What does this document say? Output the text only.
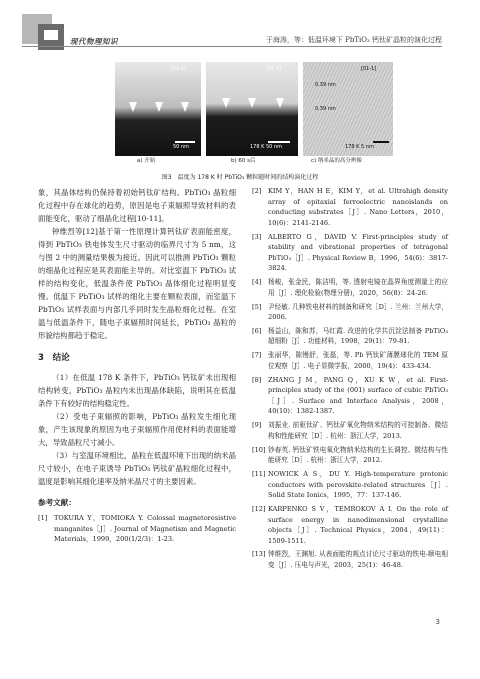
现代物理知识	于海涛，等：低温环境下 PbTiO₃ 钙钛矿晶粒的演化过程
[01-1]
50 nm
[01-1]
178 K 50 nm
[01-1]
0.39 nm
0.39 nm
178 K 5 nm
a) 开始	b) 60 s后	c) 纳米晶的高分辨像
图3　温度为 178 K 时 PbTiO₃ 颗粒随时间的结构演化过程

象，其晶体结构仍保持着初始钙钛矿结构。PbTiO₃ 晶粒细化过程中存在球化的趋势，原因是电子束辐照导致材料的表面能变化，驱动了细晶化过程[10-11]。

钟维烈等[12]基于第一性原理计算钙钛矿表面能密度，得到 PbTiO₃ 铁电体发生尺寸驱动的临界尺寸为 5 nm，这与图 2 中的测量结果极为接近。因此可以推测 PbTiO₃ 颗粒的细晶化过程应是其表面能主导的。对比室温下 PbTiO₃ 试样的结构变化，低温条件使 PbTiO₃ 晶体细化过程明显变慢。低温下 PbTiO₃ 试样的细化主要在颗粒表面，而室温下 PbTiO₃ 试样表面与内部几乎同时发生晶粒细化过程。在室温与低温条件下，随电子束辐照时间延长，PbTiO₃ 晶粒的形貌结构都趋于稳定。

3　结论

（1）在低温 178 K 条件下，PbTiO₃ 钙钛矿未出现相结构转变，PbTiO₃ 晶粒内未出现晶体缺陷，说明其在低温条件下有较好的结构稳定性。

（2）受电子束辐照的影响，PbTiO₃ 晶粒发生细化现象，产生该现象的原因为电子束辐照作用使材料的表面能增大，导致晶粒尺寸减小。

（3）与室温环境相比，晶粒在低温环境下出现的纳米晶尺寸较小，在电子束诱导 PbTiO₃ 钙钛矿晶粒细化过程中，温度是影响其细化速率及纳米晶尺寸的主要因素。

参考文献：
[1]	TOKURA Y，TOMIOKA Y. Colossal magnetoresistive manganites［J］. Journal of Magnetism and Magnetic Materials，1999，200(1/2/3)：1-23.
[2]	KIM Y，HAN H E，KIM Y，et al. Ultrahigh density array of epitaxial ferroelectric nanoislands on conducting substrates［J］. Nano Letters，2010，10(6)：2141-2146.
[3]	ALBERTO G，DAVID V. First-principles study of stability and vibrational properties of tetragonal PbTiO₃［J］. Physical Review B，1996，54(6)：3817-3824.
[4]	杨峻，张金民，陈洁明，等. 透射电镜在晶界角度测量上的应用［J］. 理化检验(物理分册)，2020，56(8)：24-26.
[5]	尹经敏. 几种铁电材料的制备和研究［D］. 兰州：兰州大学，2006.
[6]	杨益山，陈和苏，马红霞. 改进的化学共沉淀法制备 PbTiO₃ 超细粉［J］. 功能材料，1998，29(1)：79-81.
[7]	张丽华，陈慢舒，张磊，等. Pb 钙钛矿薄膜球化的 TEM 原位观察［J］. 电子显微学报，2000，19(4)：433-434.
[8]	ZHANG J M，PANG Q，XU K W，et al. First-principles study of the (001) surface of cubic PbTiO₃［J］. Surface and Interface Analysis，2008，40(10)：1382-1387.
[9]	刘振业. 前驱钛矿、钙钛矿氧化物纳米结构的可控制备、微结构和性能研究［D］. 杭州：浙江大学，2013.
[10] 钞春英. 钙钛矿铁电氧化物纳米结构的生长调控、微结构与性能研究［D］. 杭州：浙江大学，2012.
[11] NOWICK A S，DU Y. High-temperature protonic conductors with perovskite-related structures［J］. Solid State Ionics，1995，77：137-146.
[12] KARPENKO S V，TEMROKOV A I. On the role of surface energy in nanodimensional crystalline objects［J］. Technical Physics，2004，49(11)：1509-1511.
[13] 钟维烈，王渊旭. 从表面能的观点讨论尺寸驱动的铁电-顺电相变［J］. 压电与声光，2003，25(1)：46-48.
3
